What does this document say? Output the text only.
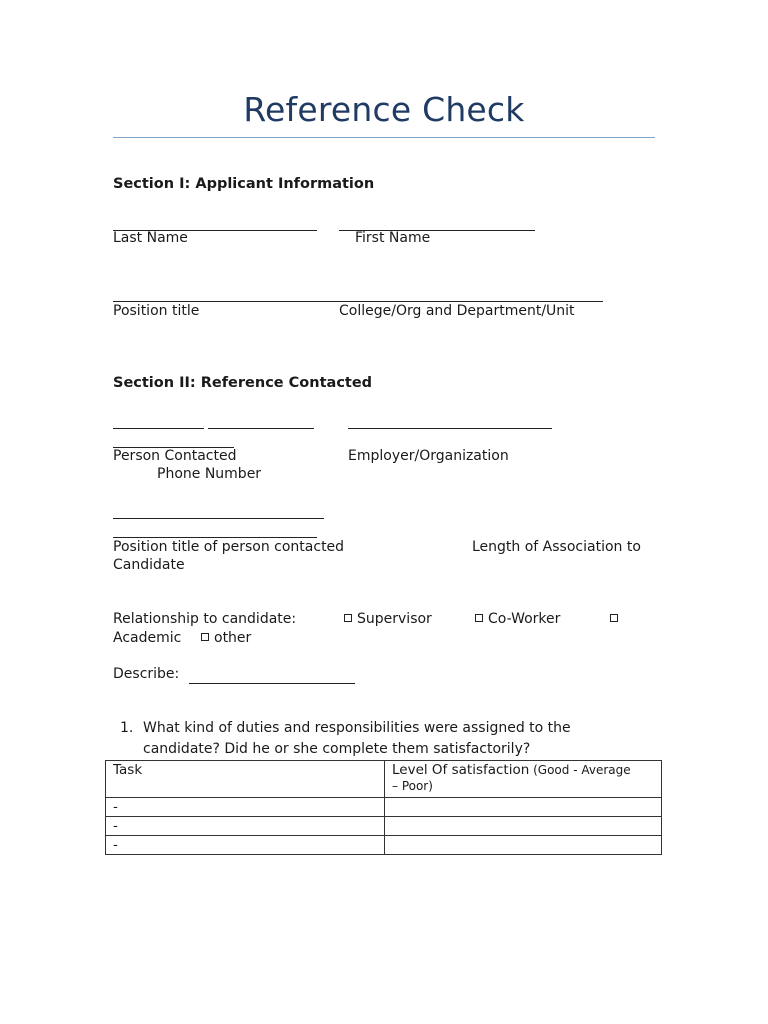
Reference Check
Section I: Applicant Information
Last Name	First Name
Position title	College/Org and Department/Unit
Section II: Reference Contacted
Person Contacted	Employer/Organization
Phone Number
Position title of person contacted	Length of Association to
Candidate
Relationship to candidate:	Supervisor	Co-Worker
Academic	other
Describe:
1. What kind of duties and responsibilities were assigned to the
candidate? Did he or she complete them satisfactorily?
Task	Level Of satisfaction (Good - Average
– Poor)
-	
-	
-	
